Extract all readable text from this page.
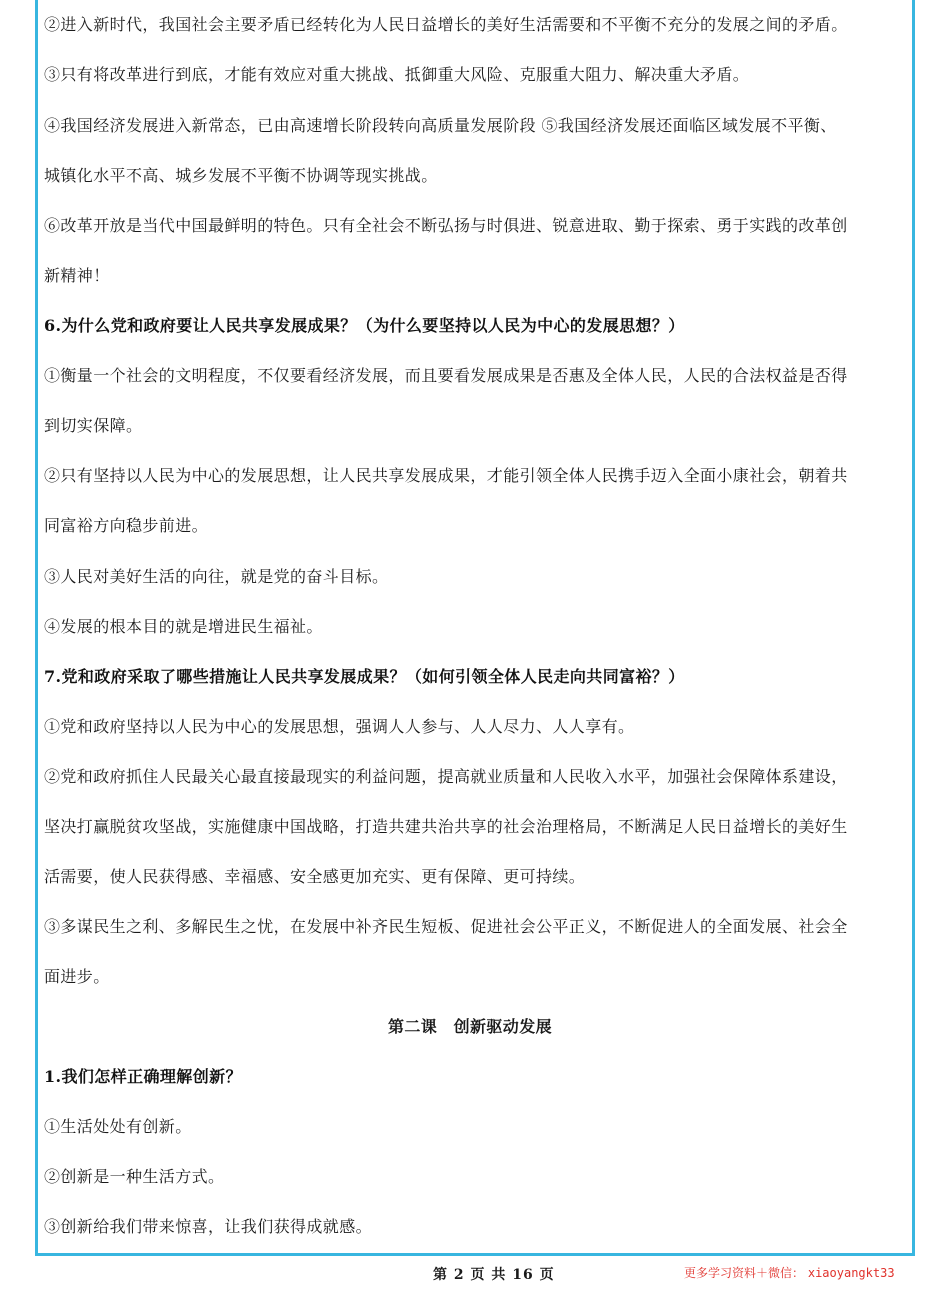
②进入新时代，我国社会主要矛盾已经转化为人民日益增长的美好生活需要和不平衡不充分的发展之间的矛盾。
③只有将改革进行到底，才能有效应对重大挑战、抵御重大风险、克服重大阻力、解决重大矛盾。
④我国经济发展进入新常态，已由高速增长阶段转向高质量发展阶段 ⑤我国经济发展还面临区域发展不平衡、
城镇化水平不高、城乡发展不平衡不协调等现实挑战。
⑥改革开放是当代中国最鲜明的特色。只有全社会不断弘扬与时俱进、锐意进取、勤于探索、勇于实践的改革创
新精神！
6.为什么党和政府要让人民共享发展成果？（为什么要坚持以人民为中心的发展思想？）
①衡量一个社会的文明程度，不仅要看经济发展，而且要看发展成果是否惠及全体人民，人民的合法权益是否得
到切实保障。
②只有坚持以人民为中心的发展思想，让人民共享发展成果，才能引领全体人民携手迈入全面小康社会，朝着共
同富裕方向稳步前进。
③人民对美好生活的向往，就是党的奋斗目标。
④发展的根本目的就是增进民生福祉。
7.党和政府采取了哪些措施让人民共享发展成果？（如何引领全体人民走向共同富裕？）
①党和政府坚持以人民为中心的发展思想，强调人人参与、人人尽力、人人享有。
②党和政府抓住人民最关心最直接最现实的利益问题，提高就业质量和人民收入水平，加强社会保障体系建设，
坚决打赢脱贫攻坚战，实施健康中国战略，打造共建共治共享的社会治理格局，不断满足人民日益增长的美好生
活需要，使人民获得感、幸福感、安全感更加充实、更有保障、更可持续。
③多谋民生之利、多解民生之忧，在发展中补齐民生短板、促进社会公平正义，不断促进人的全面发展、社会全
面进步。
第二课　创新驱动发展
1.我们怎样正确理解创新？
①生活处处有创新。
②创新是一种生活方式。
③创新给我们带来惊喜，让我们获得成就感。
第 2 页 共 16 页	更多学习资料＋微信： xiaoyangkt33
